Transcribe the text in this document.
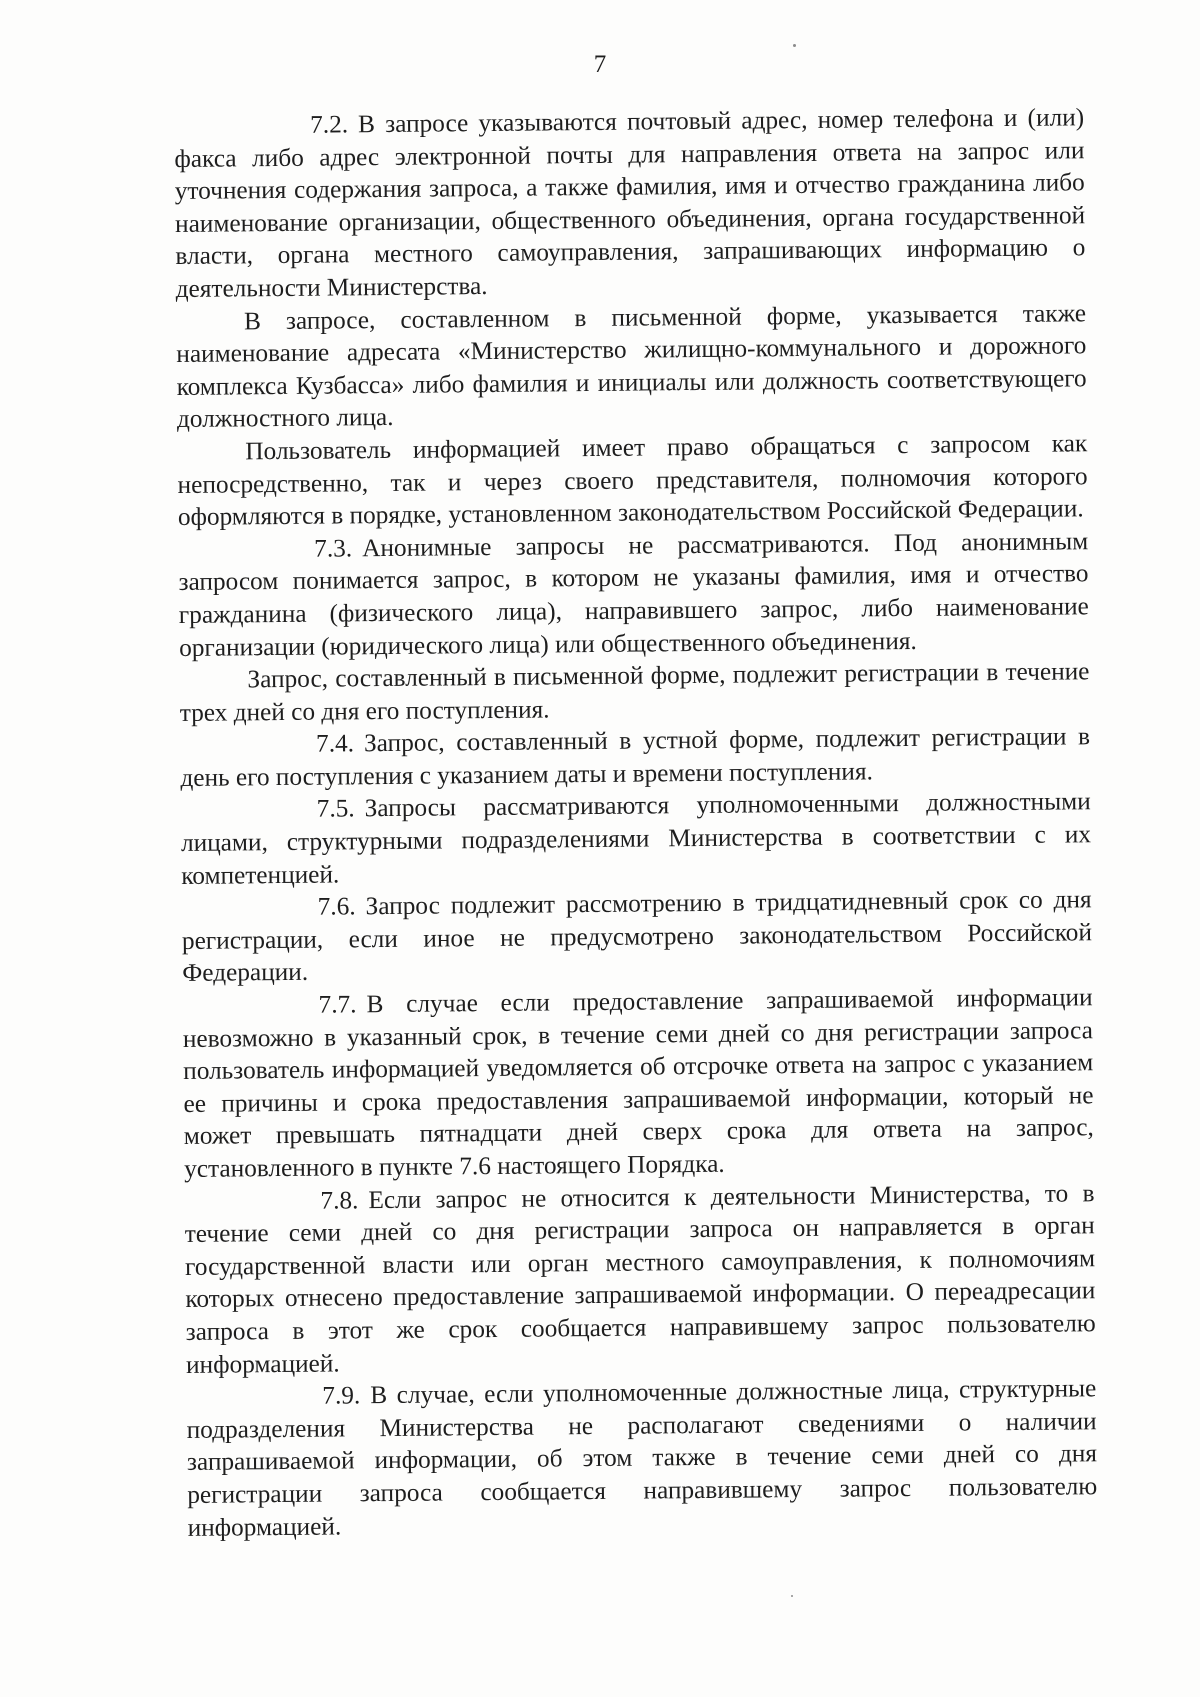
7

7.2. В запросе указываются почтовый адрес, номер телефона и (или) факса либо адрес электронной почты для направления ответа на запрос или уточнения содержания запроса, а также фамилия, имя и отчество гражданина либо наименование организации, общественного объединения, органа государственной власти, органа местного самоуправления, запрашивающих информацию о деятельности Министерства.

В запросе, составленном в письменной форме, указывается также наименование адресата «Министерство жилищно-коммунального и дорожного комплекса Кузбасса» либо фамилия и инициалы или должность соответствующего должностного лица.

Пользователь информацией имеет право обращаться с запросом как непосредственно, так и через своего представителя, полномочия которого оформляются в порядке, установленном законодательством Российской Федерации.

7.3. Анонимные запросы не рассматриваются. Под анонимным запросом понимается запрос, в котором не указаны фамилия, имя и отчество гражданина (физического лица), направившего запрос, либо наименование организации (юридического лица) или общественного объединения.

Запрос, составленный в письменной форме, подлежит регистрации в течение трех дней со дня его поступления.

7.4. Запрос, составленный в устной форме, подлежит регистрации в день его поступления с указанием даты и времени поступления.

7.5. Запросы рассматриваются уполномоченными должностными лицами, структурными подразделениями Министерства в соответствии с их компетенцией.

7.6. Запрос подлежит рассмотрению в тридцатидневный срок со дня регистрации, если иное не предусмотрено законодательством Российской Федерации.

7.7. В случае если предоставление запрашиваемой информации невозможно в указанный срок, в течение семи дней со дня регистрации запроса пользователь информацией уведомляется об отсрочке ответа на запрос с указанием ее причины и срока предоставления запрашиваемой информации, который не может превышать пятнадцати дней сверх срока для ответа на запрос, установленного в пункте 7.6 настоящего Порядка.

7.8. Если запрос не относится к деятельности Министерства, то в течение семи дней со дня регистрации запроса он направляется в орган государственной власти или орган местного самоуправления, к полномочиям которых отнесено предоставление запрашиваемой информации. О переадресации запроса в этот же срок сообщается направившему запрос пользователю информацией.

7.9. В случае, если уполномоченные должностные лица, структурные подразделения Министерства не располагают сведениями о наличии запрашиваемой информации, об этом также в течение семи дней со дня регистрации запроса сообщается направившему запрос пользователю информацией.
